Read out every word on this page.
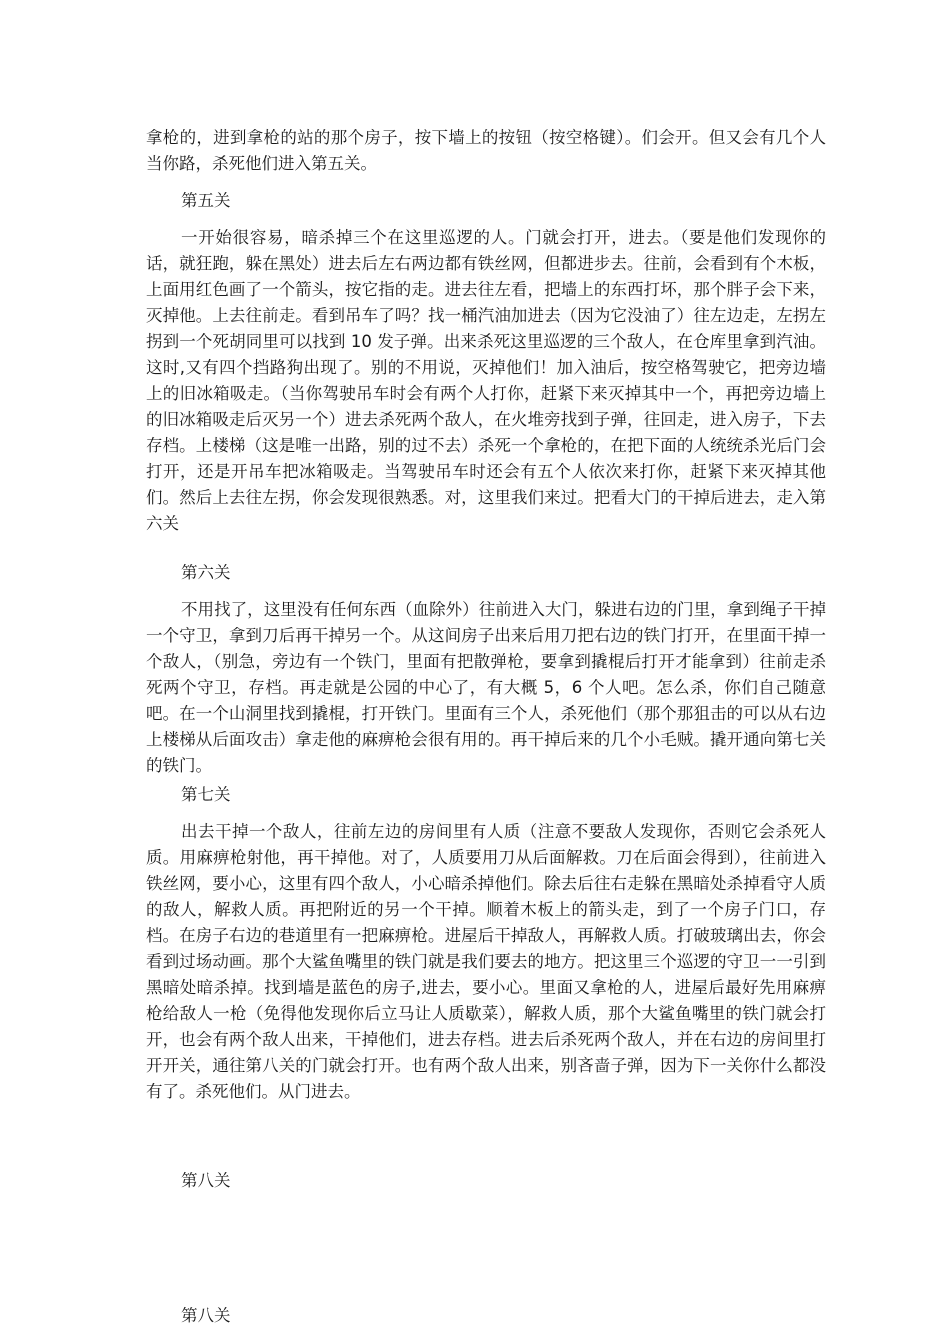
拿枪的，进到拿枪的站的那个房子，按下墙上的按钮（按空格键）。们会开。但又会有几个人当你路，杀死他们进入第五关。

第五关

一开始很容易，暗杀掉三个在这里巡逻的人。门就会打开，进去。（要是他们发现你的话，就狂跑，躲在黑处）进去后左右两边都有铁丝网，但都进步去。往前，会看到有个木板，上面用红色画了一个箭头，按它指的走。进去往左看，把墙上的东西打坏，那个胖子会下来，灭掉他。上去往前走。看到吊车了吗？找一桶汽油加进去（因为它没油了）往左边走，左拐左拐到一个死胡同里可以找到 10 发子弹。出来杀死这里巡逻的三个敌人，在仓库里拿到汽油。这时,又有四个挡路狗出现了。别的不用说，灭掉他们！加入油后，按空格驾驶它，把旁边墙上的旧冰箱吸走。（当你驾驶吊车时会有两个人打你，赶紧下来灭掉其中一个，再把旁边墙上的旧冰箱吸走后灭另一个）进去杀死两个敌人，在火堆旁找到子弹，往回走，进入房子，下去存档。上楼梯（这是唯一出路，别的过不去）杀死一个拿枪的，在把下面的人统统杀光后门会打开，还是开吊车把冰箱吸走。当驾驶吊车时还会有五个人依次来打你，赶紧下来灭掉其他们。然后上去往左拐，你会发现很熟悉。对，这里我们来过。把看大门的干掉后进去，走入第六关

第六关

不用找了，这里没有任何东西（血除外）往前进入大门，躲进右边的门里，拿到绳子干掉一个守卫，拿到刀后再干掉另一个。从这间房子出来后用刀把右边的铁门打开，在里面干掉一个敌人，（别急，旁边有一个铁门，里面有把散弹枪，要拿到撬棍后打开才能拿到）往前走杀死两个守卫，存档。再走就是公园的中心了，有大概 5，6 个人吧。怎么杀，你们自己随意吧。在一个山洞里找到撬棍，打开铁门。里面有三个人，杀死他们（那个那狙击的可以从右边上楼梯从后面攻击）拿走他的麻痹枪会很有用的。再干掉后来的几个小毛贼。撬开通向第七关的铁门。

第七关

出去干掉一个敌人，往前左边的房间里有人质（注意不要敌人发现你，否则它会杀死人质。用麻痹枪射他，再干掉他。对了，人质要用刀从后面解救。刀在后面会得到），往前进入铁丝网，要小心，这里有四个敌人，小心暗杀掉他们。除去后往右走躲在黑暗处杀掉看守人质的敌人，解救人质。再把附近的另一个干掉。顺着木板上的箭头走，到了一个房子门口，存档。在房子右边的巷道里有一把麻痹枪。进屋后干掉敌人，再解救人质。打破玻璃出去，你会看到过场动画。那个大鲨鱼嘴里的铁门就是我们要去的地方。把这里三个巡逻的守卫一一引到黑暗处暗杀掉。找到墙是蓝色的房子,进去，要小心。里面又拿枪的人，进屋后最好先用麻痹枪给敌人一枪（免得他发现你后立马让人质歇菜），解救人质，那个大鲨鱼嘴里的铁门就会打开，也会有两个敌人出来，干掉他们，进去存档。进去后杀死两个敌人，并在右边的房间里打开开关，通往第八关的门就会打开。也有两个敌人出来，别吝啬子弹，因为下一关你什么都没有了。杀死他们。从门进去。

第八关

第八关
